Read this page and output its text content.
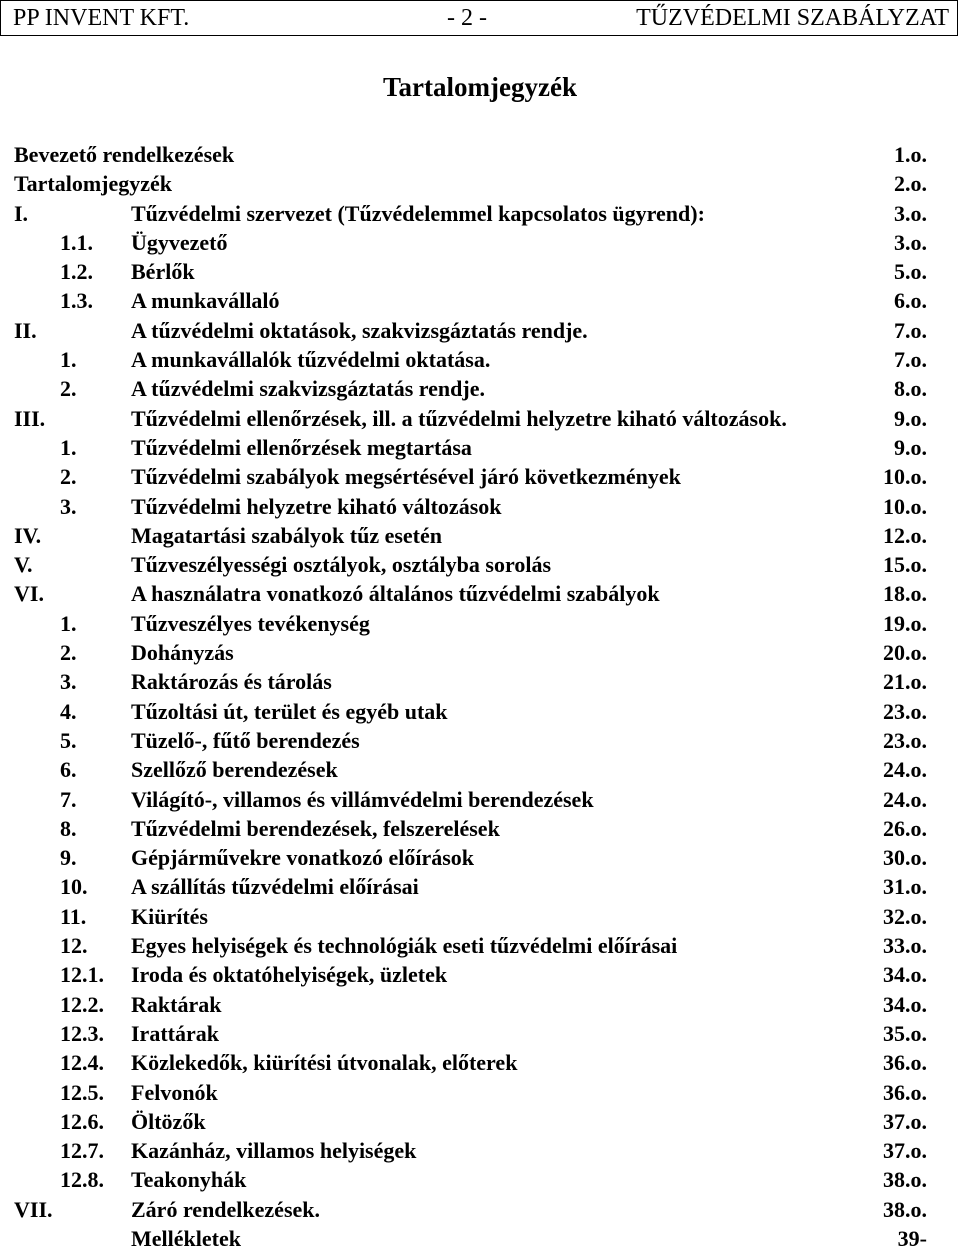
PP INVENT KFT.	- 2 -	TŰZVÉDELMI SZABÁLYZAT
Tartalomjegyzék
Bevezető rendelkezések	1.o.
Tartalomjegyzék	2.o.
I.	Tűzvédelmi szervezet (Tűzvédelemmel kapcsolatos ügyrend):	3.o.
1.1. Ügyvezető	3.o.
1.2. Bérlők	5.o.
1.3. A munkavállaló	6.o.
II.	A tűzvédelmi oktatások, szakvizsgáztatás rendje.	7.o.
1. A munkavállalók tűzvédelmi oktatása.	7.o.
2. A tűzvédelmi szakvizsgáztatás rendje.	8.o.
III.	Tűzvédelmi ellenőrzések, ill. a tűzvédelmi helyzetre kiható változások.	9.o.
1. Tűzvédelmi ellenőrzések megtartása	9.o.
2. Tűzvédelmi szabályok megsértésével járó következmények	10.o.
3. Tűzvédelmi helyzetre kiható változások	10.o.
IV.	Magatartási szabályok tűz esetén	12.o.
V.	Tűzveszélyességi osztályok, osztályba sorolás	15.o.
VI.	A használatra vonatkozó általános tűzvédelmi szabályok	18.o.
1. Tűzveszélyes tevékenység	19.o.
2. Dohányzás	20.o.
3. Raktározás és tárolás	21.o.
4. Tűzoltási út, terület és egyéb utak	23.o.
5. Tüzelő-, fűtő berendezés	23.o.
6. Szellőző berendezések	24.o.
7. Világító-, villamos és villámvédelmi berendezések	24.o.
8. Tűzvédelmi berendezések, felszerelések	26.o.
9. Gépjárművekre vonatkozó előírások	30.o.
10. A szállítás tűzvédelmi előírásai	31.o.
11. Kiürítés	32.o.
12. Egyes helyiségek és technológiák eseti tűzvédelmi előírásai	33.o.
12.1. Iroda és oktatóhelyiségek, üzletek	34.o.
12.2. Raktárak	34.o.
12.3. Irattárak	35.o.
12.4. Közlekedők, kiürítési útvonalak, előterek	36.o.
12.5. Felvonók	36.o.
12.6. Öltözők	37.o.
12.7. Kazánház, villamos helyiségek	37.o.
12.8. Teakonyhák	38.o.
VII.	Záró rendelkezések.	38.o.
Mellékletek	39-
